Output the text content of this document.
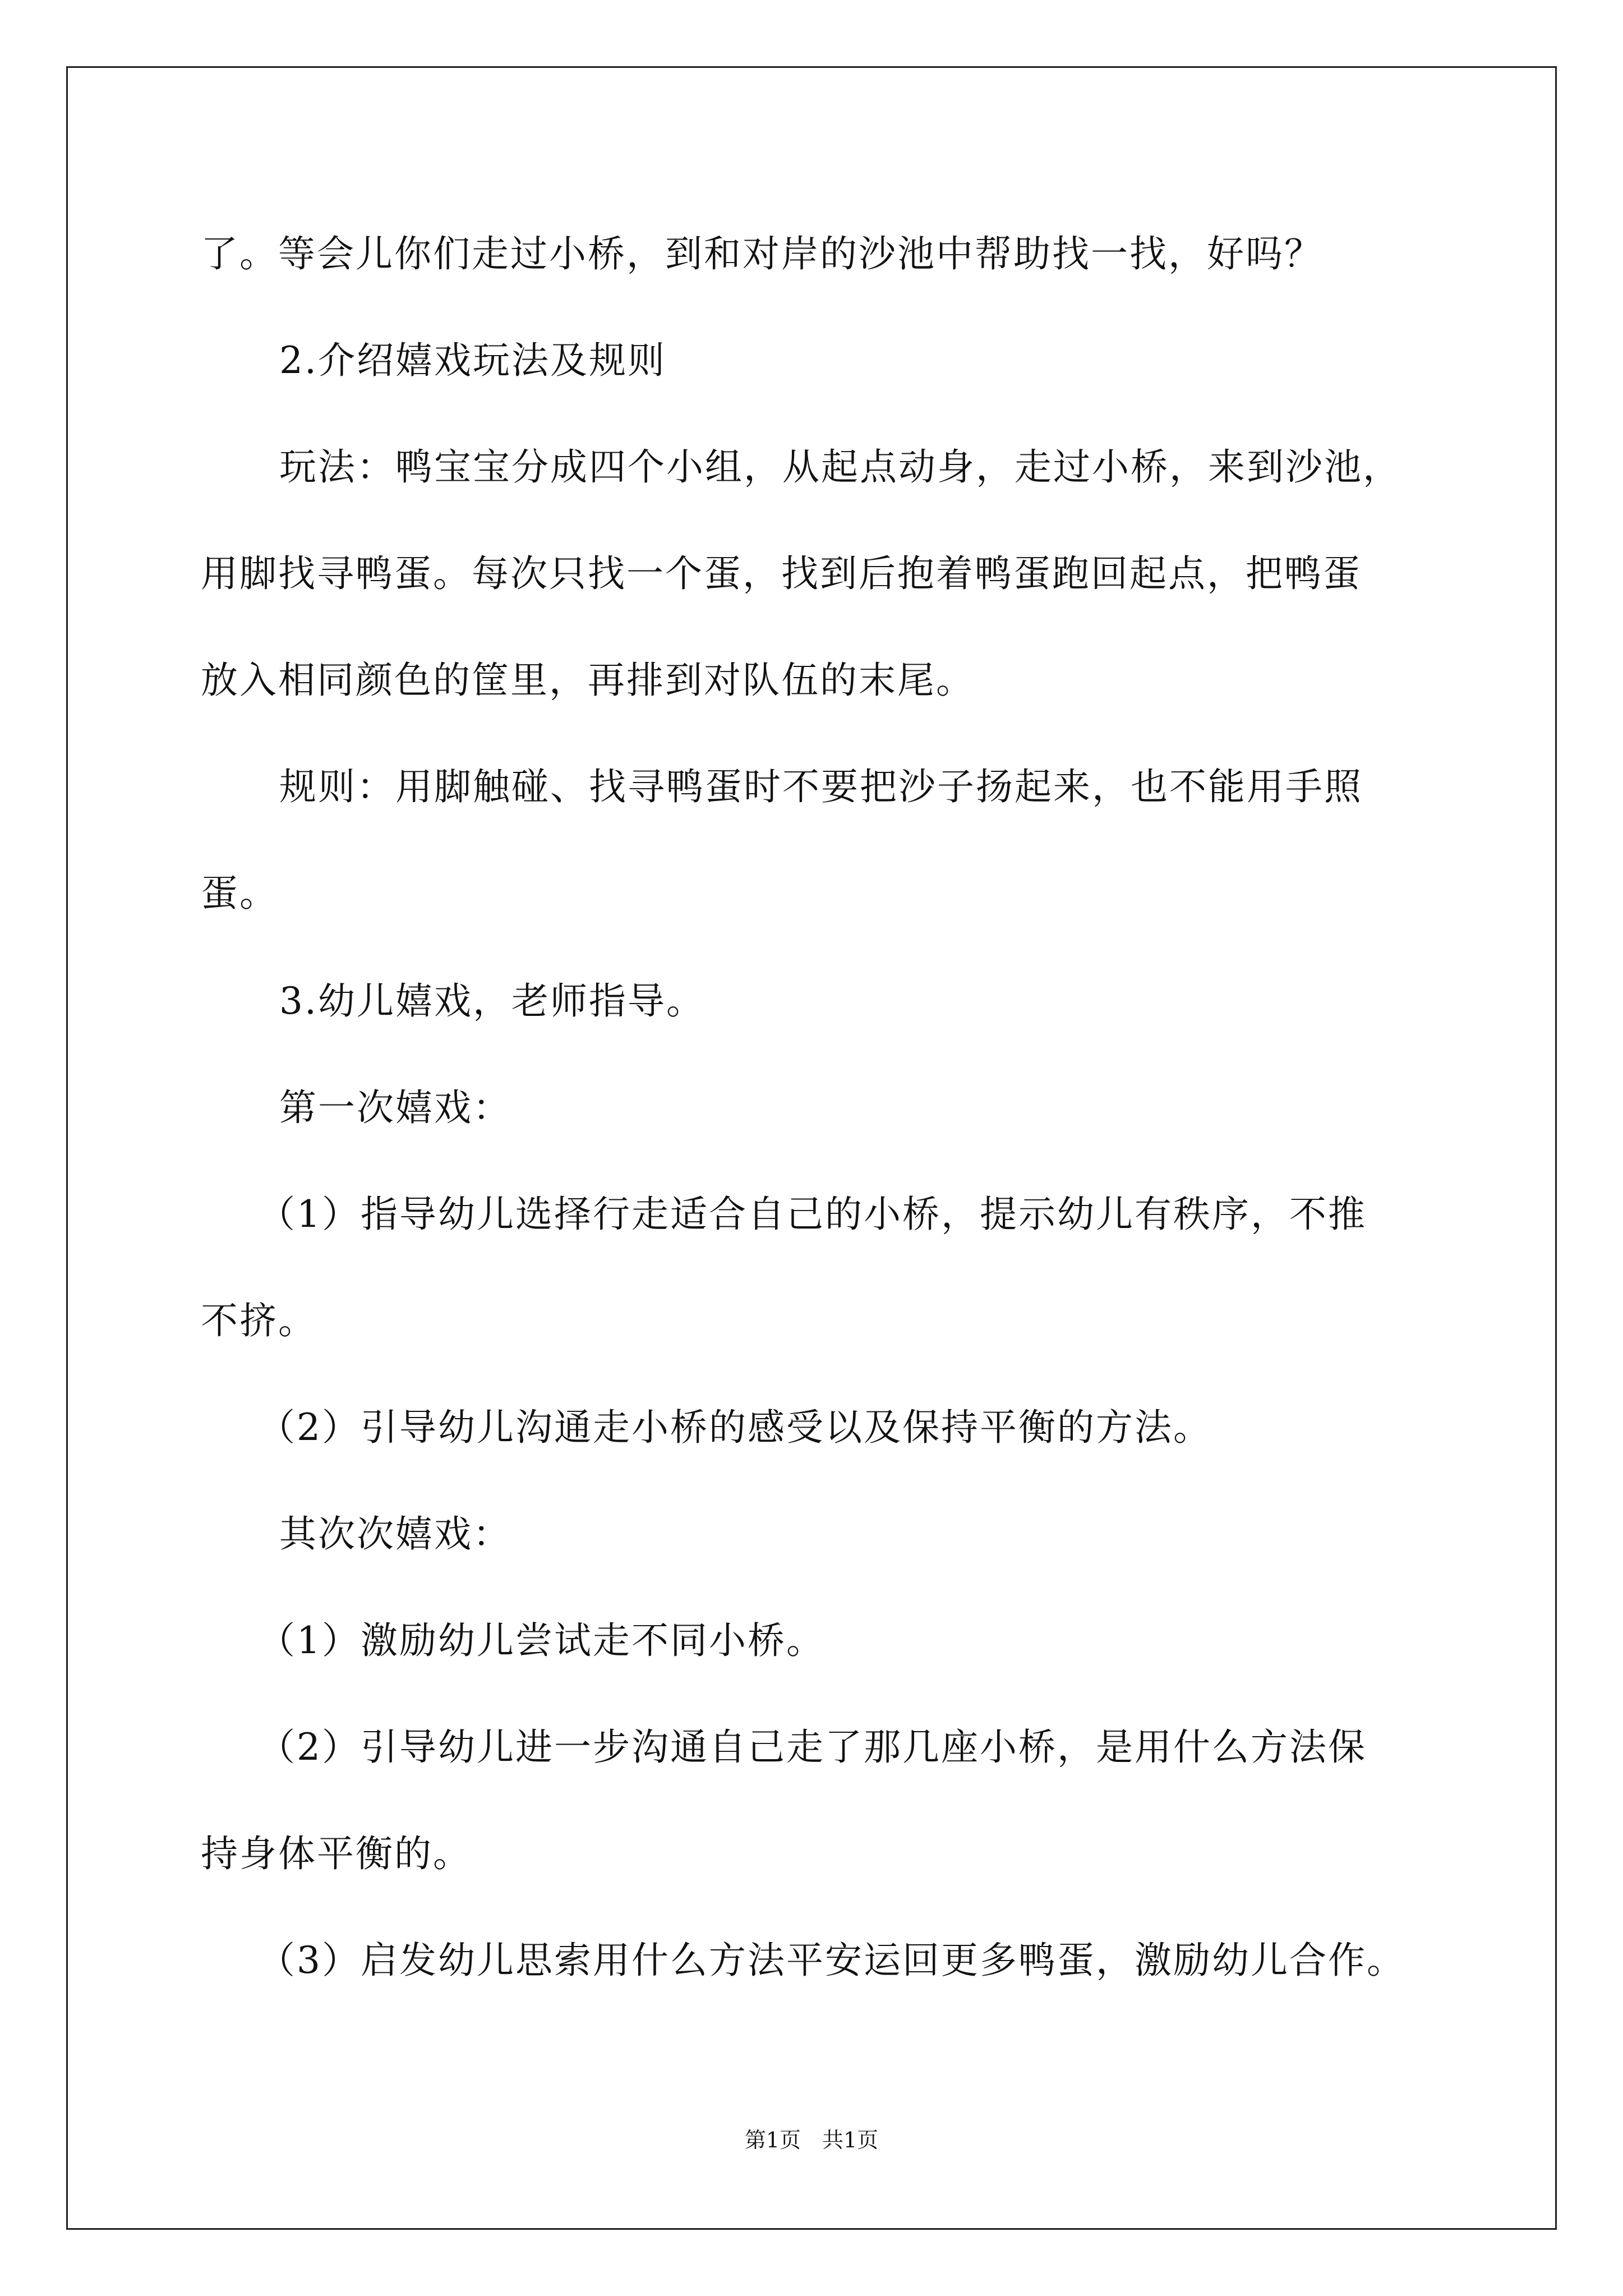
了。等会儿你们走过小桥，到和对岸的沙池中帮助找一找，好吗？
2.介绍嬉戏玩法及规则
玩法：鸭宝宝分成四个小组，从起点动身，走过小桥，来到沙池，
用脚找寻鸭蛋。每次只找一个蛋，找到后抱着鸭蛋跑回起点，把鸭蛋
放入相同颜色的筐里，再排到对队伍的末尾。
规则：用脚触碰、找寻鸭蛋时不要把沙子扬起来，也不能用手照
蛋。
3.幼儿嬉戏，老师指导。
第一次嬉戏：
（1）指导幼儿选择行走适合自己的小桥，提示幼儿有秩序，不推
不挤。
（2）引导幼儿沟通走小桥的感受以及保持平衡的方法。
其次次嬉戏：
（1）激励幼儿尝试走不同小桥。
（2）引导幼儿进一步沟通自己走了那几座小桥，是用什么方法保
持身体平衡的。
（3）启发幼儿思索用什么方法平安运回更多鸭蛋，激励幼儿合作。
第1页　共1页
